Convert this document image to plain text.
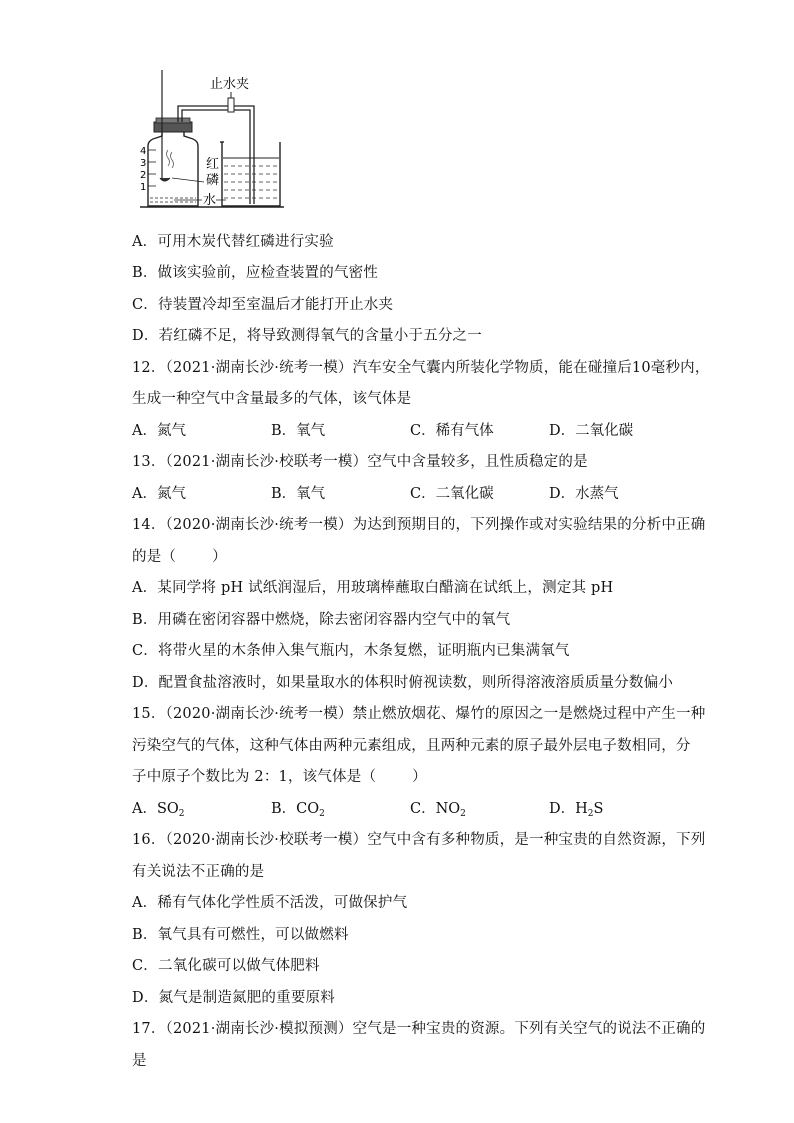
止水夹
红
磷
水
4
3
2
1
A．可用木炭代替红磷进行实验
B．做该实验前，应检查装置的气密性
C．待装置冷却至室温后才能打开止水夹
D．若红磷不足，将导致测得氧气的含量小于五分之一
12．（2021·湖南长沙·统考一模）汽车安全气囊内所装化学物质，能在碰撞后10毫秒内，
生成一种空气中含量最多的气体，该气体是
A．氮气	B．氧气	C．稀有气体	D．二氧化碳
13．（2021·湖南长沙·校联考一模）空气中含量较多，且性质稳定的是
A．氮气	B．氧气	C．二氧化碳	D．水蒸气
14．（2020·湖南长沙·统考一模）为达到预期目的，下列操作或对实验结果的分析中正确
的是（ ）
A．某同学将 pH 试纸润湿后，用玻璃棒蘸取白醋滴在试纸上，测定其 pH
B．用磷在密闭容器中燃烧，除去密闭容器内空气中的氧气
C．将带火星的木条伸入集气瓶内，木条复燃，证明瓶内已集满氧气
D．配置食盐溶液时，如果量取水的体积时俯视读数，则所得溶液溶质质量分数偏小
15．（2020·湖南长沙·统考一模）禁止燃放烟花、爆竹的原因之一是燃烧过程中产生一种
污染空气的气体，这种气体由两种元素组成，且两种元素的原子最外层电子数相同，分
子中原子个数比为 2：1，该气体是（ ）
A．$SO_2$	B．$CO_2$	C．$NO_2$	D．$H_2S$
16．（2020·湖南长沙·校联考一模）空气中含有多种物质，是一种宝贵的自然资源，下列
有关说法不正确的是
A．稀有气体化学性质不活泼，可做保护气
B．氧气具有可燃性，可以做燃料
C．二氧化碳可以做气体肥料
D．氮气是制造氮肥的重要原料
17．（2021·湖南长沙·模拟预测）空气是一种宝贵的资源。下列有关空气的说法不正确的
是
